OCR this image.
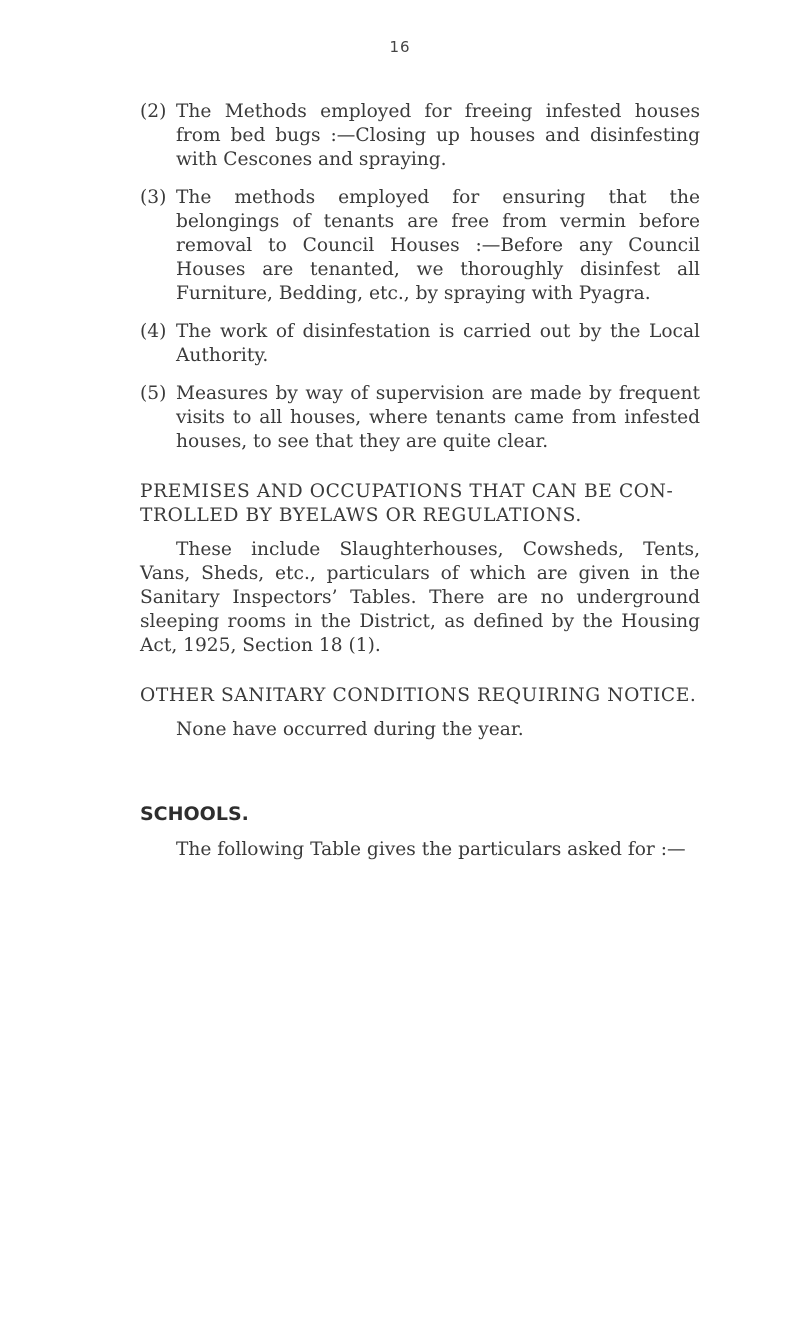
16
(2) The Methods employed for freeing infested houses from bed bugs :—Closing up houses and disinfesting with Cescones and spraying.
(3) The methods employed for ensuring that the belongings of tenants are free from vermin before removal to Council Houses :—Before any Council Houses are tenanted, we thoroughly disinfest all Furniture, Bedding, etc., by spraying with Pyagra.
(4) The work of disinfestation is carried out by the Local Authority.
(5) Measures by way of supervision are made by frequent visits to all houses, where tenants came from infested houses, to see that they are quite clear.
PREMISES AND OCCUPATIONS THAT CAN BE CON-TROLLED BY BYELAWS OR REGULATIONS.
These include Slaughterhouses, Cowsheds, Tents, Vans, Sheds, etc., particulars of which are given in the Sanitary Inspectors’ Tables. There are no underground sleeping rooms in the District, as defined by the Housing Act, 1925, Section 18 (1).
OTHER SANITARY CONDITIONS REQUIRING NOTICE.
None have occurred during the year.
SCHOOLS.
The following Table gives the particulars asked for :—
